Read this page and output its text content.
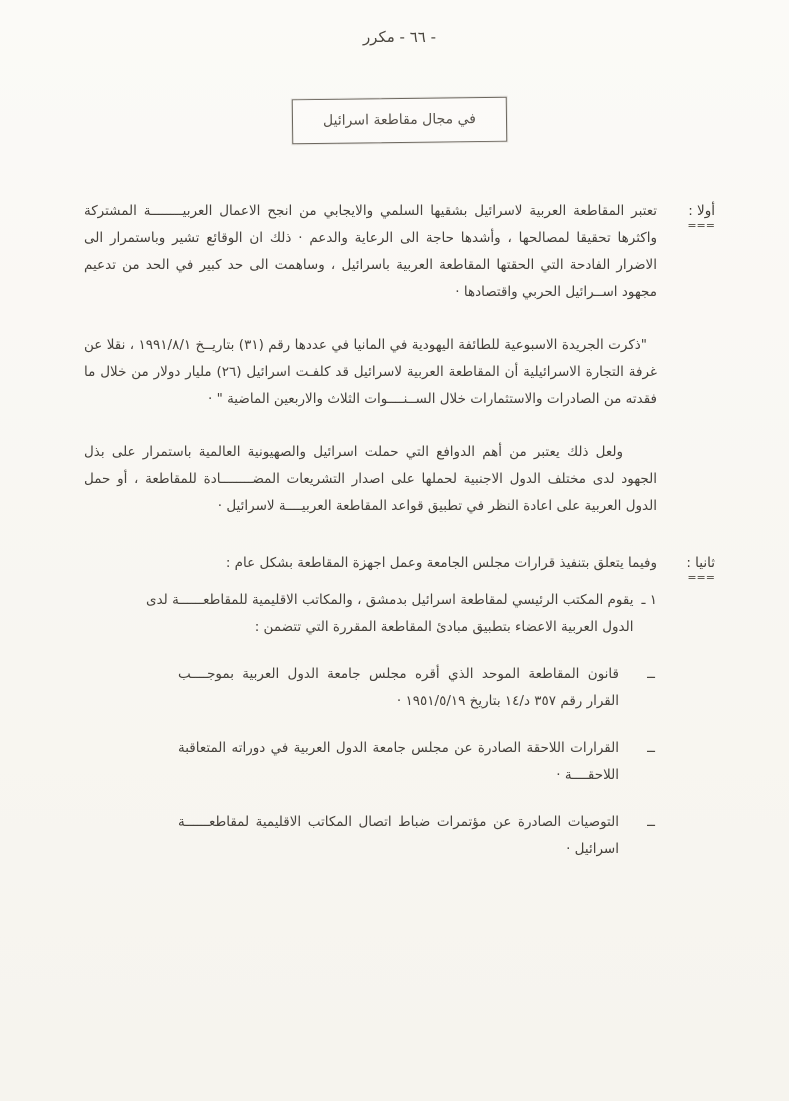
- ٦٦ - مكرر
في مجال مقاطعة اسرائيل
أولا :
===

تعتبر المقاطعة العربية لاسرائيل بشقيها السلمي والايجابي من انجح الاعمال العربيــــــــة المشتركة واكثرها تحقيقا لمصالحها ، وأشدها حاجة الى الرعاية والدعم · ذلك ان الوقائع تشير وباستمرار الى الاضرار الفادحة التي الحقتها المقاطعة العربية باسرائيل ، وساهمت الى حد كبير في الحد من تدعيم مجهود اســرائيل الحربي واقتصادها ·

"ذكرت الجريدة الاسبوعية للطائفة اليهودية في المانيا في عددها رقم (٣١) بتاريــخ ١٩٩١/٨/١ ، نقلا عن غرفة التجارة الاسرائيلية أن المقاطعة العربية لاسرائيل قد كلفـت اسرائيل (٢٦) مليار دولار من خلال ما فقدته من الصادرات والاستثمارات خلال الســنــــوات الثلاث والاربعين الماضية " ·

ولعل ذلك يعتبر من أهم الدوافع التي حملت اسرائيل والصهيونية العالمية باستمرار على بذل الجهود لدى مختلف الدول الاجنبية لحملها على اصدار التشريعات المضــــــــادة للمقاطعة ، أو حمل الدول العربية على اعادة النظر في تطبيق قواعد المقاطعة العربيــــة لاسرائيل ·

ثانيا :
===

وفيما يتعلق بتنفيذ قرارات مجلس الجامعة وعمل اجهزة المقاطعة بشكل عام :

١ ـ
يقوم المكتب الرئيسي لمقاطعة اسرائيل بدمشق ، والمكاتب الاقليمية للمقاطعــــــة لدى الدول العربية الاعضاء بتطبيق مبادئ المقاطعة المقررة التي تتضمن :
ــ
قانون المقاطعة الموحد الذي أقره مجلس جامعة الدول العربية بموجــــب القرار رقم ٣٥٧ د/١٤ بتاريخ ١٩٥١/٥/١٩ ·
ــ
القرارات اللاحقة الصادرة عن مجلس جامعة الدول العربية في دوراته المتعاقبة اللاحقــــة ·
ــ
التوصيات الصادرة عن مؤتمرات ضباط اتصال المكاتب الاقليمية لمقاطعــــــة اسرائيل ·
